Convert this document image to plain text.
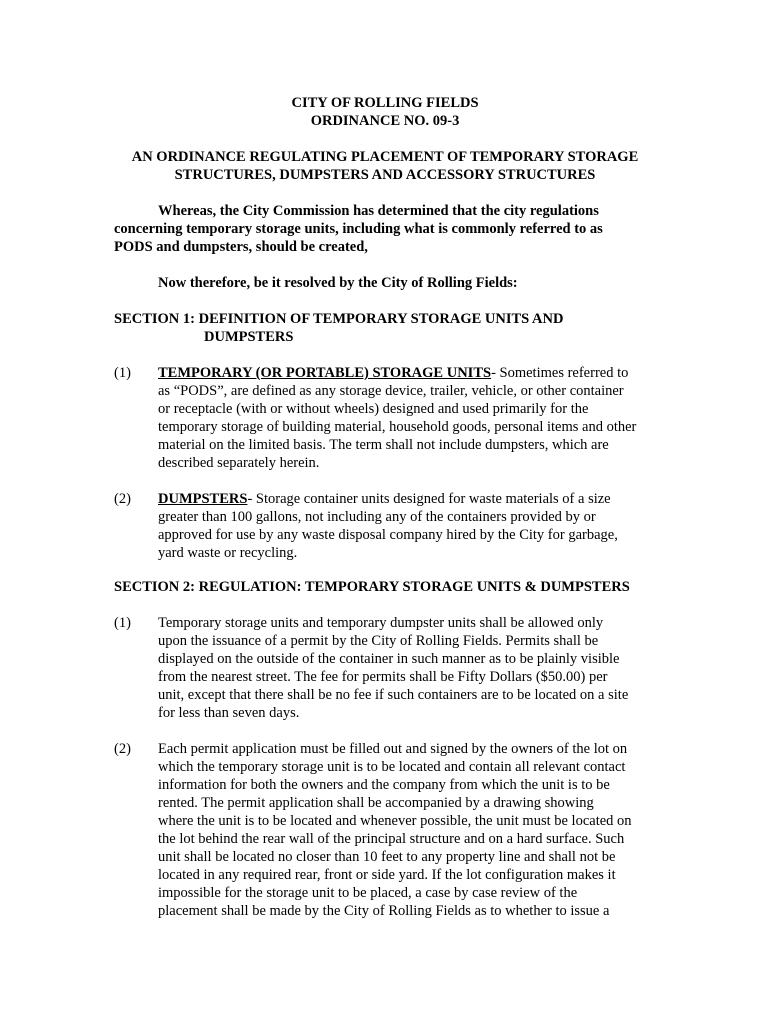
CITY OF ROLLING FIELDS
ORDINANCE NO. 09-3
AN ORDINANCE REGULATING PLACEMENT OF TEMPORARY STORAGE
STRUCTURES, DUMPSTERS AND ACCESSORY STRUCTURES
Whereas, the City Commission has determined that the city regulations
concerning temporary storage units, including what is commonly referred to as
PODS and dumpsters, should be created,
Now therefore, be it resolved by the City of Rolling Fields:
SECTION 1: DEFINITION OF TEMPORARY STORAGE UNITS AND
DUMPSTERS
(1) TEMPORARY (OR PORTABLE) STORAGE UNITS- Sometimes referred to
as “PODS”, are defined as any storage device, trailer, vehicle, or other container
or receptacle (with or without wheels) designed and used primarily for the
temporary storage of building material, household goods, personal items and other
material on the limited basis. The term shall not include dumpsters, which are
described separately herein.
(2) DUMPSTERS- Storage container units designed for waste materials of a size
greater than 100 gallons, not including any of the containers provided by or
approved for use by any waste disposal company hired by the City for garbage,
yard waste or recycling.
SECTION 2: REGULATION: TEMPORARY STORAGE UNITS & DUMPSTERS
(1) Temporary storage units and temporary dumpster units shall be allowed only
upon the issuance of a permit by the City of Rolling Fields. Permits shall be
displayed on the outside of the container in such manner as to be plainly visible
from the nearest street. The fee for permits shall be Fifty Dollars ($50.00) per
unit, except that there shall be no fee if such containers are to be located on a site
for less than seven days.
(2) Each permit application must be filled out and signed by the owners of the lot on
which the temporary storage unit is to be located and contain all relevant contact
information for both the owners and the company from which the unit is to be
rented. The permit application shall be accompanied by a drawing showing
where the unit is to be located and whenever possible, the unit must be located on
the lot behind the rear wall of the principal structure and on a hard surface. Such
unit shall be located no closer than 10 feet to any property line and shall not be
located in any required rear, front or side yard. If the lot configuration makes it
impossible for the storage unit to be placed, a case by case review of the
placement shall be made by the City of Rolling Fields as to whether to issue a
